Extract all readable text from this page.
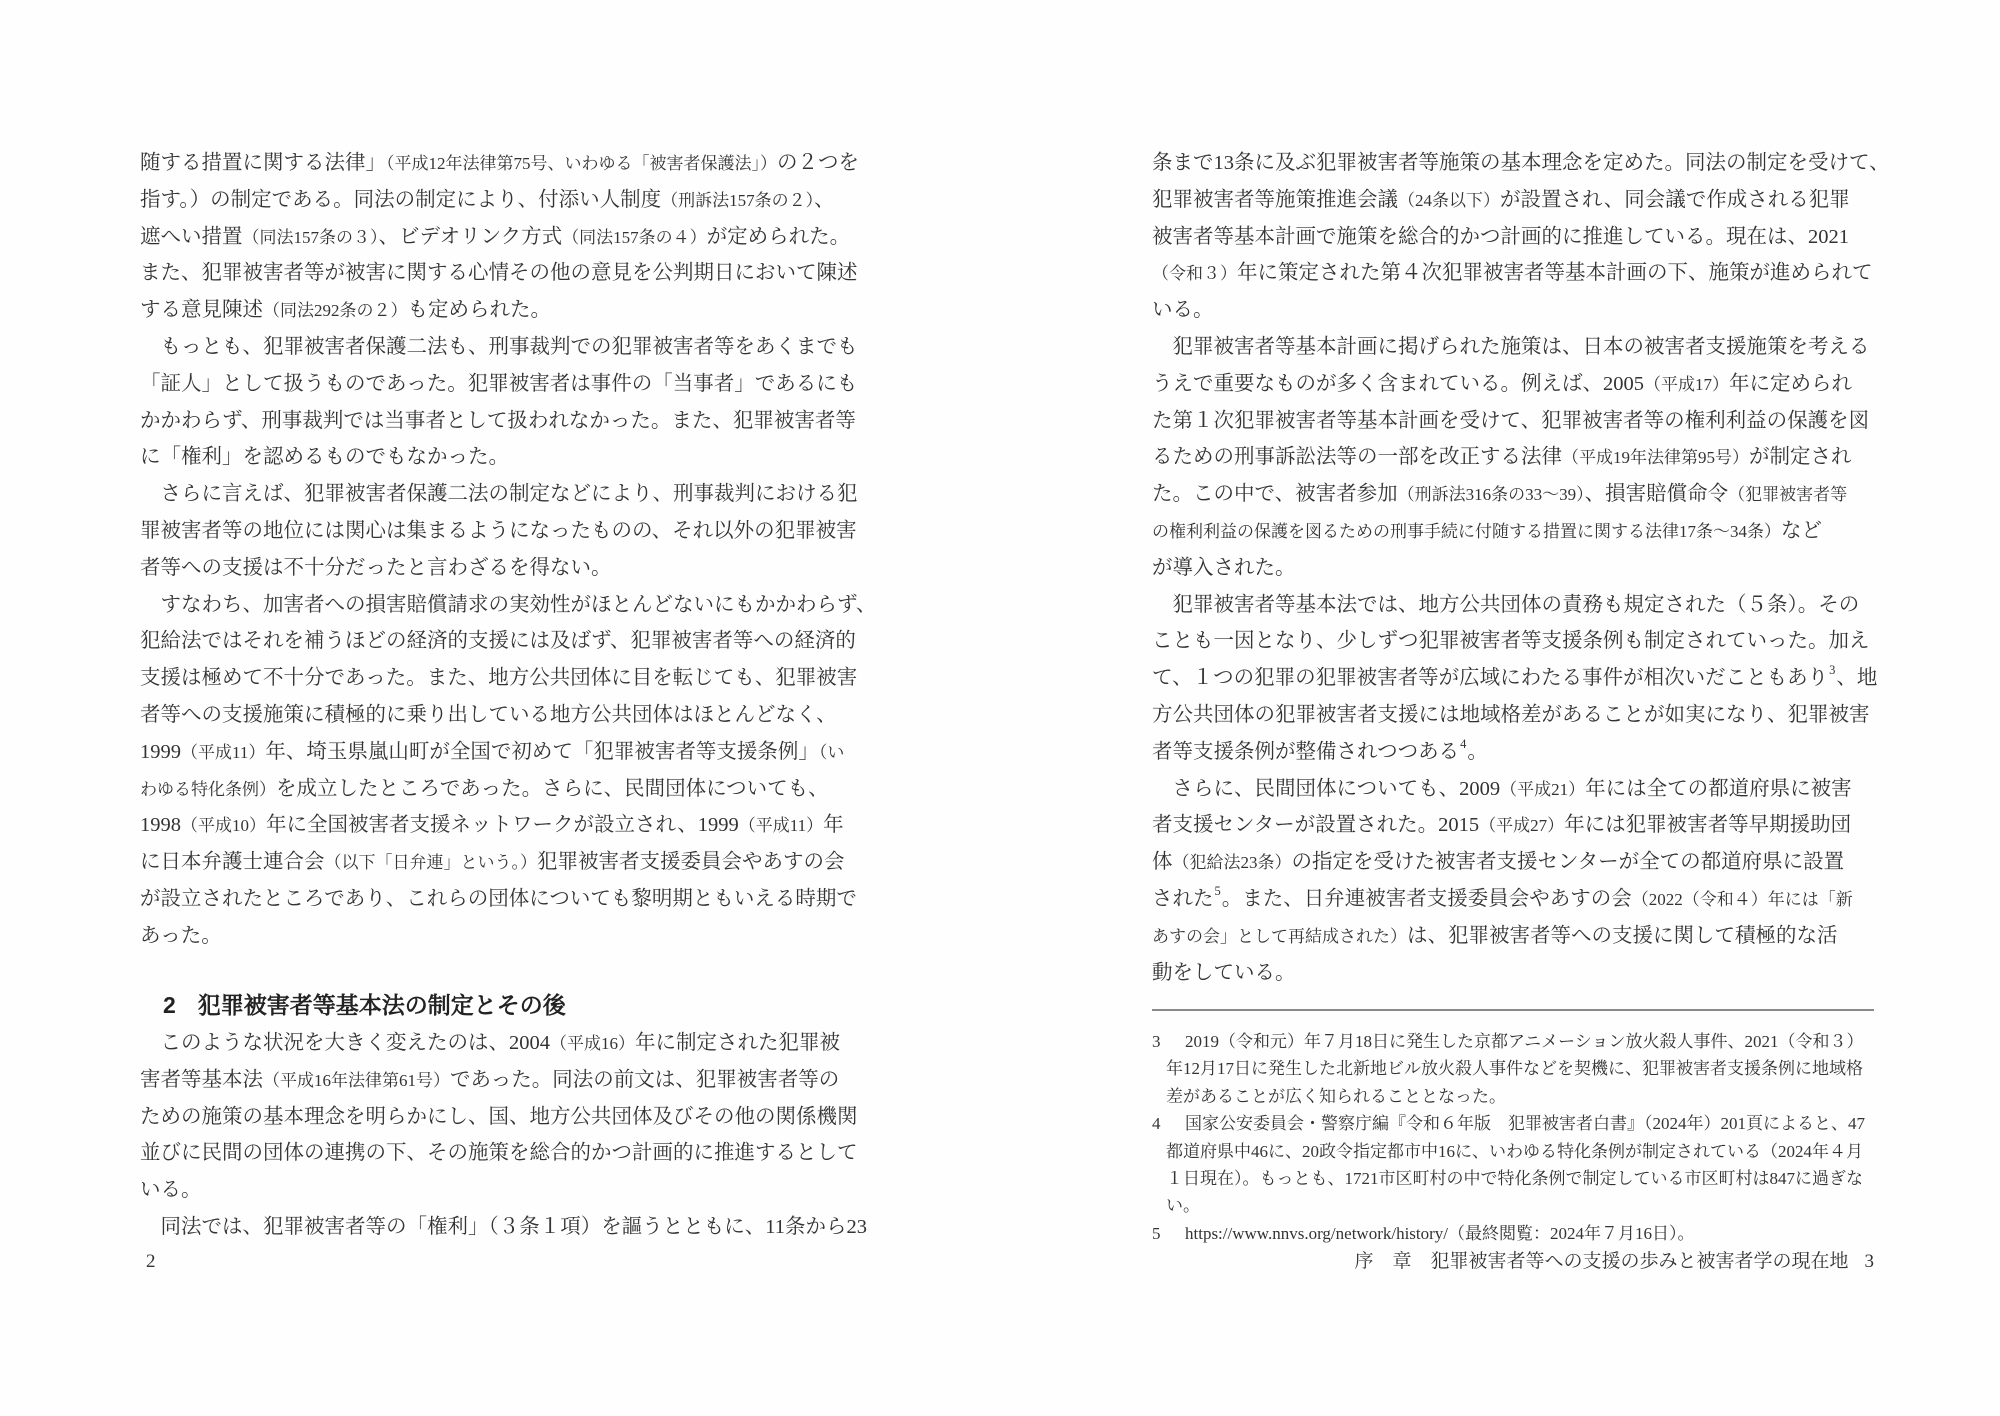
随する措置に関する法律」（平成12年法律第75号、いわゆる「被害者保護法」）の２つを
指す。）の制定である。同法の制定により、付添い人制度（刑訴法157条の２）、
遮へい措置（同法157条の３）、ビデオリンク方式（同法157条の４）が定められた。
また、犯罪被害者等が被害に関する心情その他の意見を公判期日において陳述
する意見陳述（同法292条の２）も定められた。
　もっとも、犯罪被害者保護二法も、刑事裁判での犯罪被害者等をあくまでも
「証人」として扱うものであった。犯罪被害者は事件の「当事者」であるにも
かかわらず、刑事裁判では当事者として扱われなかった。また、犯罪被害者等
に「権利」を認めるものでもなかった。
　さらに言えば、犯罪被害者保護二法の制定などにより、刑事裁判における犯
罪被害者等の地位には関心は集まるようになったものの、それ以外の犯罪被害
者等への支援は不十分だったと言わざるを得ない。
　すなわち、加害者への損害賠償請求の実効性がほとんどないにもかかわらず、
犯給法ではそれを補うほどの経済的支援には及ばず、犯罪被害者等への経済的
支援は極めて不十分であった。また、地方公共団体に目を転じても、犯罪被害
者等への支援施策に積極的に乗り出している地方公共団体はほとんどなく、
1999（平成11）年、埼玉県嵐山町が全国で初めて「犯罪被害者等支援条例」（い
わゆる特化条例）を成立したところであった。さらに、民間団体についても、
1998（平成10）年に全国被害者支援ネットワークが設立され、1999（平成11）年
に日本弁護士連合会（以下「日弁連」という。）犯罪被害者支援委員会やあすの会
が設立されたところであり、これらの団体についても黎明期ともいえる時期で
あった。
2 犯罪被害者等基本法の制定とその後
　このような状況を大きく変えたのは、2004（平成16）年に制定された犯罪被
害者等基本法（平成16年法律第61号）であった。同法の前文は、犯罪被害者等の
ための施策の基本理念を明らかにし、国、地方公共団体及びその他の関係機関
並びに民間の団体の連携の下、その施策を総合的かつ計画的に推進するとして
いる。
　同法では、犯罪被害者等の「権利」（３条１項）を謳うとともに、11条から23
2
条まで13条に及ぶ犯罪被害者等施策の基本理念を定めた。同法の制定を受けて、
犯罪被害者等施策推進会議（24条以下）が設置され、同会議で作成される犯罪
被害者等基本計画で施策を総合的かつ計画的に推進している。現在は、2021
（令和３）年に策定された第４次犯罪被害者等基本計画の下、施策が進められて
いる。
　犯罪被害者等基本計画に掲げられた施策は、日本の被害者支援施策を考える
うえで重要なものが多く含まれている。例えば、2005（平成17）年に定められ
た第１次犯罪被害者等基本計画を受けて、犯罪被害者等の権利利益の保護を図
るための刑事訴訟法等の一部を改正する法律（平成19年法律第95号）が制定され
た。この中で、被害者参加（刑訴法316条の33～39）、損害賠償命令（犯罪被害者等
の権利利益の保護を図るための刑事手続に付随する措置に関する法律17条～34条）など
が導入された。
　犯罪被害者等基本法では、地方公共団体の責務も規定された（５条）。その
ことも一因となり、少しずつ犯罪被害者等支援条例も制定されていった。加え
て、１つの犯罪の犯罪被害者等が広域にわたる事件が相次いだこともあり$^3$、地
方公共団体の犯罪被害者支援には地域格差があることが如実になり、犯罪被害
者等支援条例が整備されつつある$^4$。
　さらに、民間団体についても、2009（平成21）年には全ての都道府県に被害
者支援センターが設置された。2015（平成27）年には犯罪被害者等早期援助団
体（犯給法23条）の指定を受けた被害者支援センターが全ての都道府県に設置
された$^5$。また、日弁連被害者支援委員会やあすの会（2022（令和４）年には「新
あすの会」として再結成された）は、犯罪被害者等への支援に関して積極的な活
動をしている。
3 2019（令和元）年７月18日に発生した京都アニメーション放火殺人事件、2021（令和３）
年12月17日に発生した北新地ビル放火殺人事件などを契機に、犯罪被害者支援条例に地域格
差があることが広く知られることとなった。
4 国家公安委員会・警察庁編『令和６年版　犯罪被害者白書』（2024年）201頁によると、47
都道府県中46に、20政令指定都市中16に、いわゆる特化条例が制定されている（2024年４月
１日現在）。もっとも、1721市区町村の中で特化条例で制定している市区町村は847に過ぎな
い。
5 https://www.nnvs.org/network/history/（最終閲覧：2024年７月16日）。
序　章　犯罪被害者等への支援の歩みと被害者学の現在地 3
